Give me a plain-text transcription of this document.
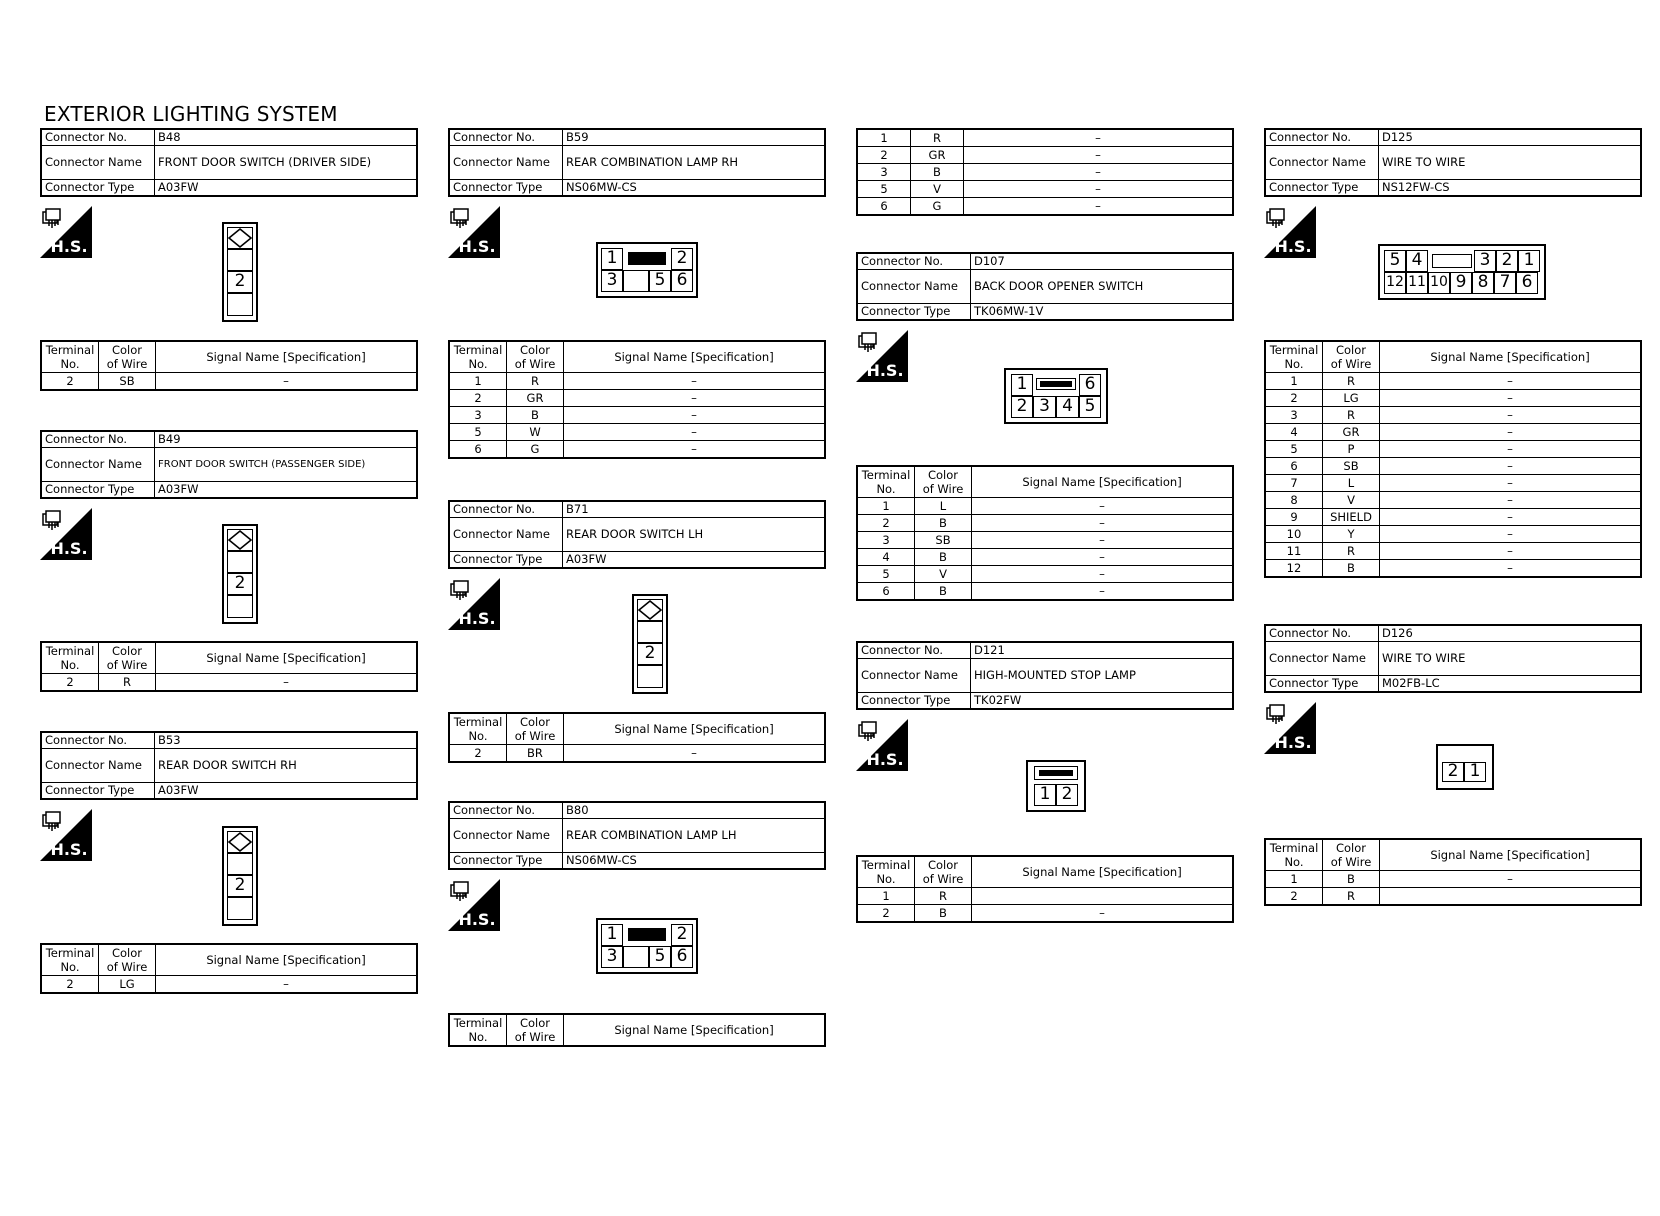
EXTERIOR LIGHTING SYSTEM
Connector No.	B48
Connector Name	FRONT DOOR SWITCH (DRIVER SIDE)
Connector Type	A03FW
H.S.
2
Terminal
No.	Color
of Wire	Signal Name [Specification]
2	SB	–
Connector No.	B49
Connector Name	FRONT DOOR SWITCH (PASSENGER SIDE)
Connector Type	A03FW
H.S.
2
Terminal
No.	Color
of Wire	Signal Name [Specification]
2	R	–
Connector No.	B53
Connector Name	REAR DOOR SWITCH RH
Connector Type	A03FW
H.S.
2
Terminal
No.	Color
of Wire	Signal Name [Specification]
2	LG	–
Connector No.	B59
Connector Name	REAR COMBINATION LAMP RH
Connector Type	NS06MW-CS
H.S.
1	2
3	5 6
Terminal
No.	Color
of Wire	Signal Name [Specification]
1	R	–
2	GR	–
3	B	–
5	W	–
6	G	–
Connector No.	B71
Connector Name	REAR DOOR SWITCH LH
Connector Type	A03FW
H.S.
2
Terminal
No.	Color
of Wire	Signal Name [Specification]
2	BR	–
Connector No.	B80
Connector Name	REAR COMBINATION LAMP LH
Connector Type	NS06MW-CS
H.S.
1	2
3	5 6
Terminal
No.	Color
of Wire	Signal Name [Specification]
1	R	–
2	GR	–
3	B	–
5	V	–
6	G	–
Connector No.	D107
Connector Name	BACK DOOR OPENER SWITCH
Connector Type	TK06MW-1V
H.S.
1	6
2 3 4 5
Terminal
No.	Color
of Wire	Signal Name [Specification]
1	L	–
2	B	–
3	SB	–
4	B	–
5	V	–
6	B	–
Connector No.	D121
Connector Name	HIGH-MOUNTED STOP LAMP
Connector Type	TK02FW
H.S.
1 2
Terminal
No.	Color
of Wire	Signal Name [Specification]
1	R	
2	B	–
Connector No.	D125
Connector Name	WIRE TO WIRE
Connector Type	NS12FW-CS
H.S.
5 4	3 2 1
12 11 10 9 8 7 6
Terminal
No.	Color
of Wire	Signal Name [Specification]
1	R	–
2	LG	–
3	R	–
4	GR	–
5	P	–
6	SB	–
7	L	–
8	V	–
9	SHIELD	–
10	Y	–
11	R	–
12	B	–
Connector No.	D126
Connector Name	WIRE TO WIRE
Connector Type	M02FB-LC
H.S.
2 1
Terminal
No.	Color
of Wire	Signal Name [Specification]
1	B	–
2	R	
